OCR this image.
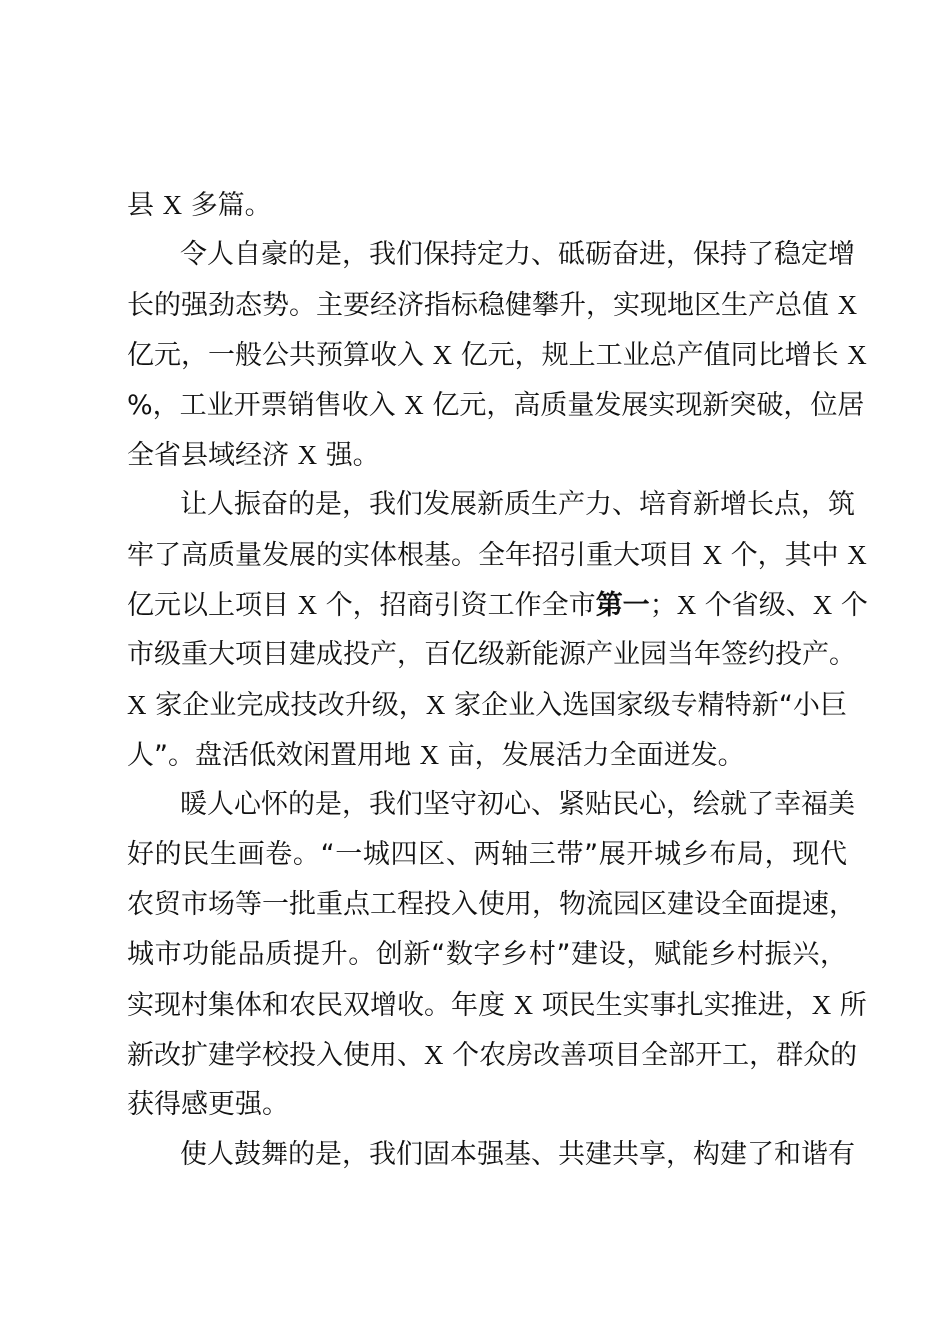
县 X 多篇。
令人自豪的是，我们保持定力、砥砺奋进，保持了稳定增
长的强劲态势。主要经济指标稳健攀升，实现地区生产总值 X
亿元，一般公共预算收入 X 亿元，规上工业总产值同比增长 X
%，工业开票销售收入 X 亿元，高质量发展实现新突破，位居
全省县域经济 X 强。
让人振奋的是，我们发展新质生产力、培育新增长点，筑
牢了高质量发展的实体根基。全年招引重大项目 X 个，其中 X
亿元以上项目 X 个，招商引资工作全市第一；X 个省级、X 个
市级重大项目建成投产，百亿级新能源产业园当年签约投产。
X 家企业完成技改升级，X 家企业入选国家级专精特新“小巨
人”。盘活低效闲置用地 X 亩，发展活力全面迸发。
暖人心怀的是，我们坚守初心、紧贴民心，绘就了幸福美
好的民生画卷。“一城四区、两轴三带”展开城乡布局，现代
农贸市场等一批重点工程投入使用，物流园区建设全面提速，
城市功能品质提升。创新“数字乡村”建设，赋能乡村振兴，
实现村集体和农民双增收。年度 X 项民生实事扎实推进，X 所
新改扩建学校投入使用、X 个农房改善项目全部开工，群众的
获得感更强。
使人鼓舞的是，我们固本强基、共建共享，构建了和谐有
